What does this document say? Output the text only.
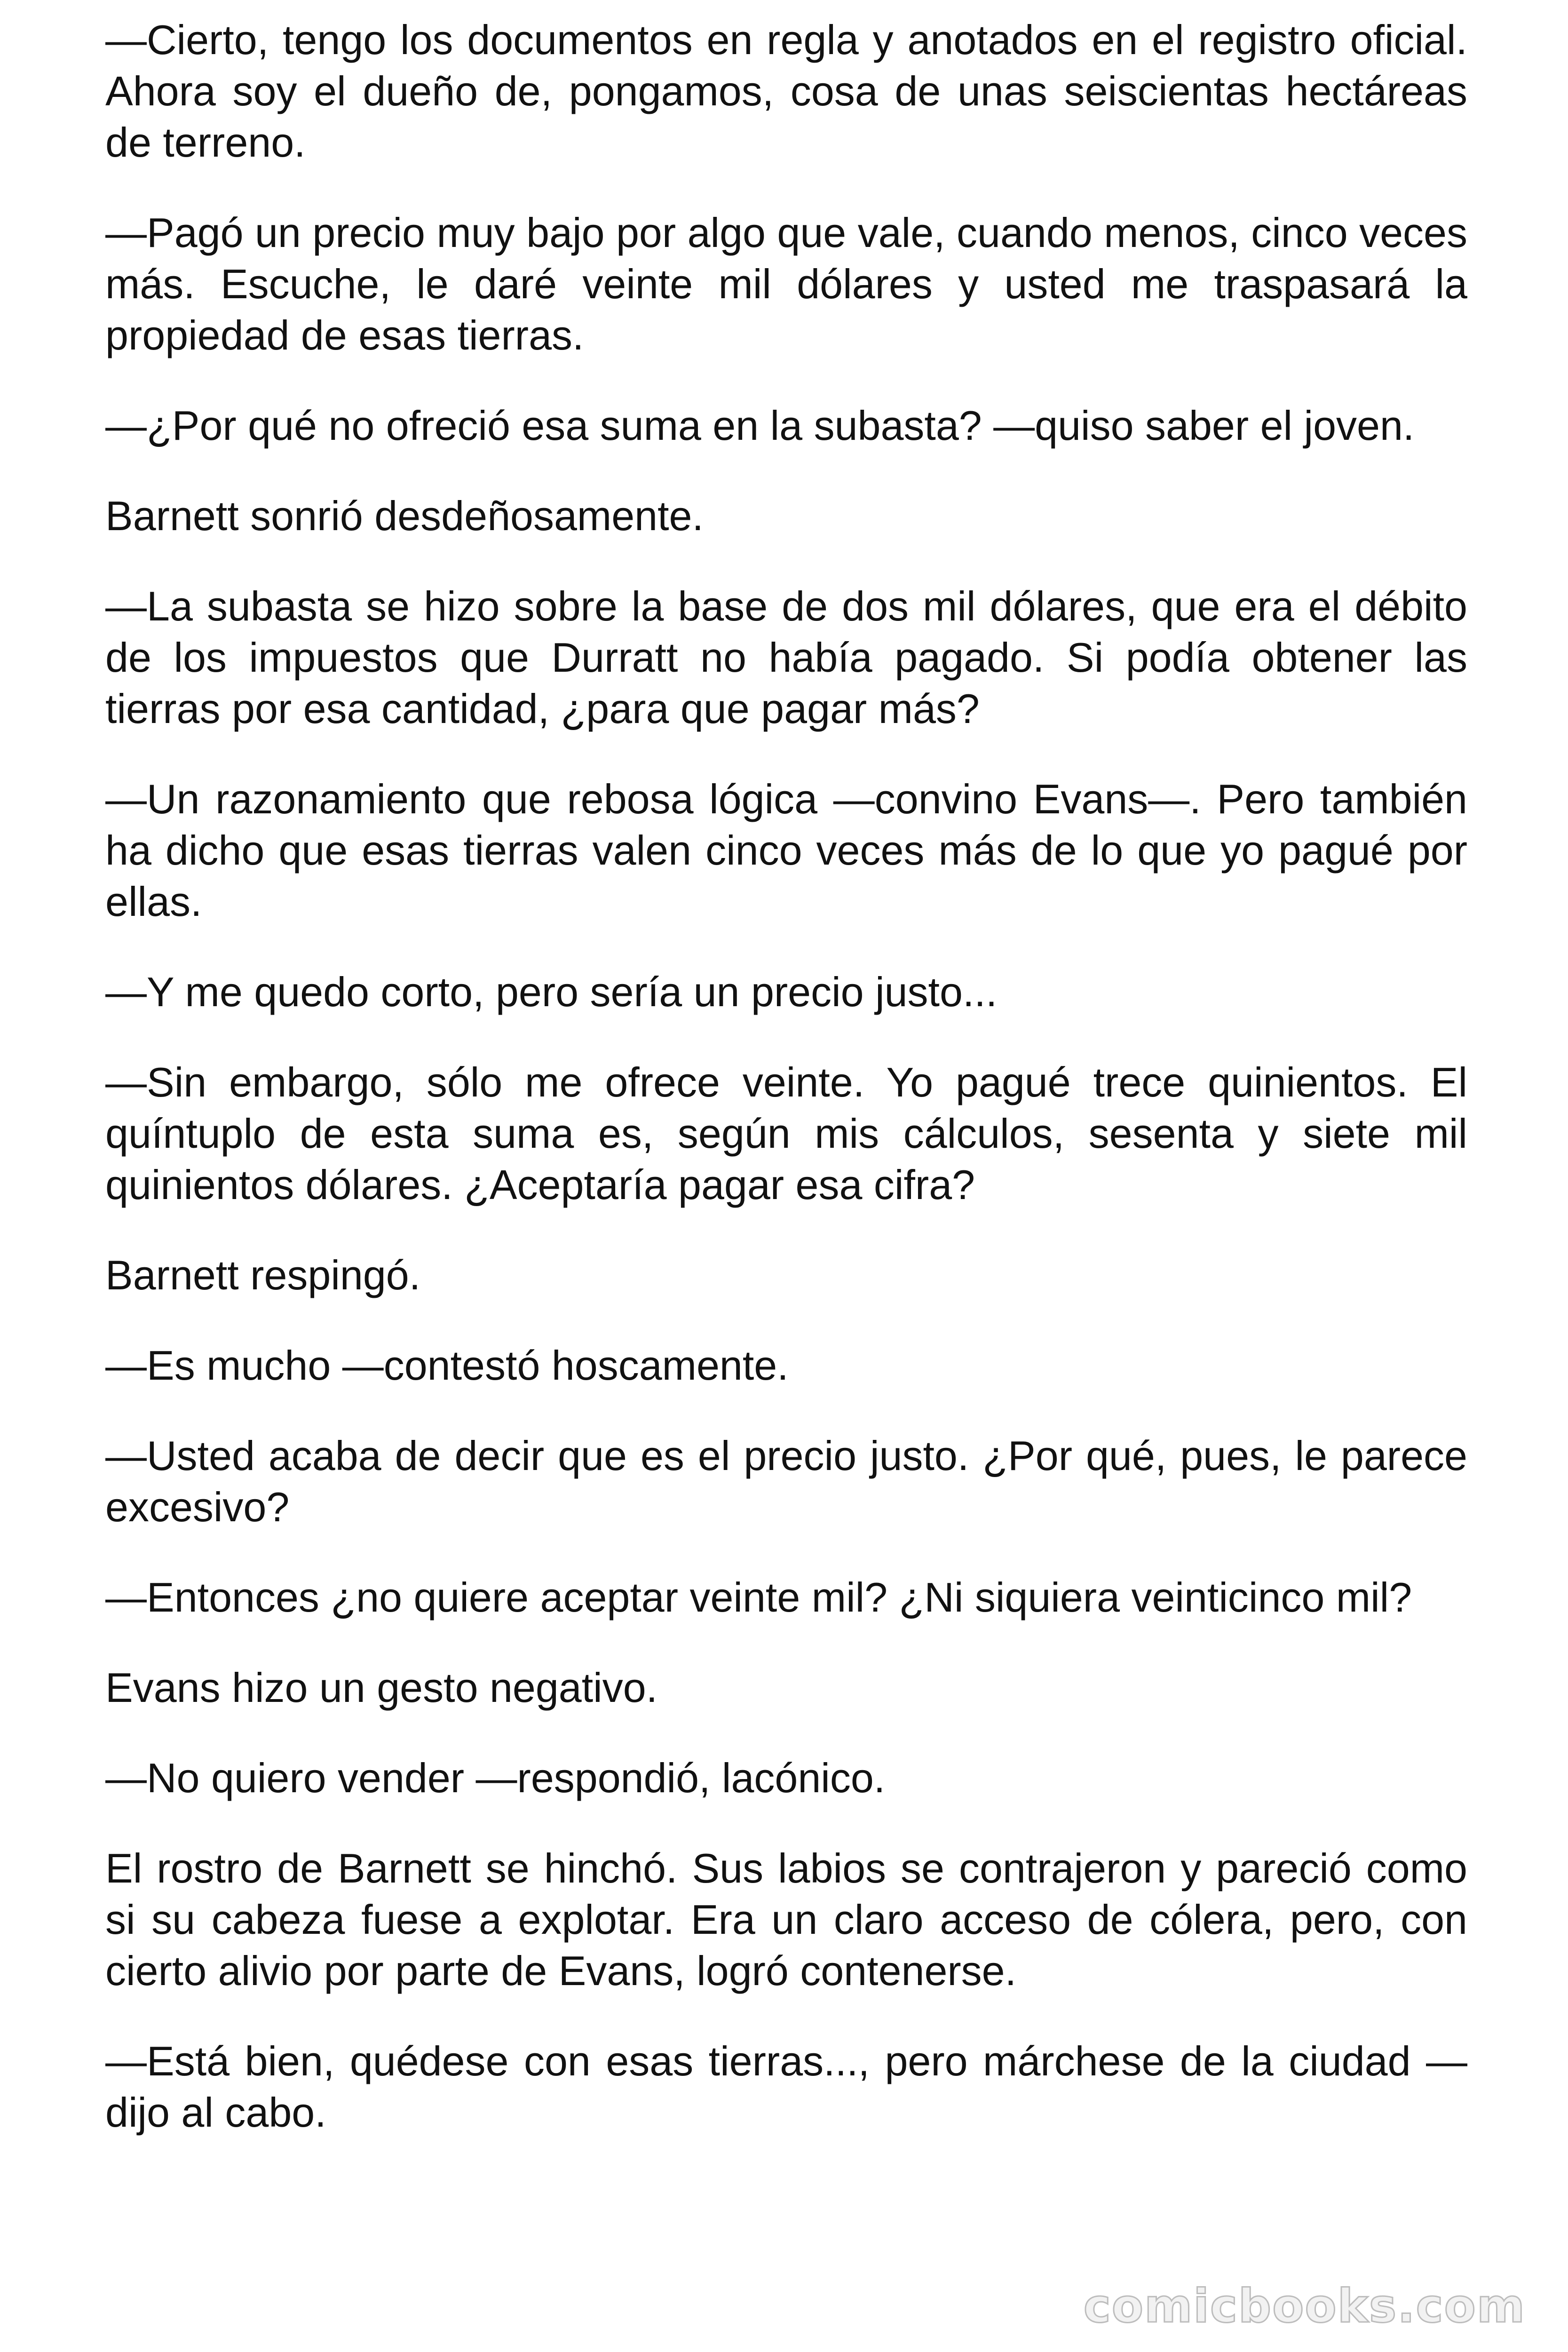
—Cierto, tengo los documentos en regla y anotados en el registro oficial. Ahora soy el dueño de, pongamos, cosa de unas seiscientas hectáreas de terreno.

—Pagó un precio muy bajo por algo que vale, cuando menos, cinco veces más. Escuche, le daré veinte mil dólares y usted me traspasará la propiedad de esas tierras.

—¿Por qué no ofreció esa suma en la subasta? —quiso saber el joven.

Barnett sonrió desdeñosamente.

—La subasta se hizo sobre la base de dos mil dólares, que era el débito de los impuestos que Durratt no había pagado. Si podía obtener las tierras por esa cantidad, ¿para que pagar más?

—Un razonamiento que rebosa lógica —convino Evans—. Pero también ha dicho que esas tierras valen cinco veces más de lo que yo pagué por ellas.

—Y me quedo corto, pero sería un precio justo...

—Sin embargo, sólo me ofrece veinte. Yo pagué trece quinientos. El quíntuplo de esta suma es, según mis cálculos, sesenta y siete mil quinientos dólares. ¿Aceptaría pagar esa cifra?

Barnett respingó.

—Es mucho —contestó hoscamente.

—Usted acaba de decir que es el precio justo. ¿Por qué, pues, le parece excesivo?

—Entonces ¿no quiere aceptar veinte mil? ¿Ni siquiera veinticinco mil?

Evans hizo un gesto negativo.

—No quiero vender —respondió, lacónico.

El rostro de Barnett se hinchó. Sus labios se contrajeron y pareció como si su cabeza fuese a explotar. Era un claro acceso de cólera, pero, con cierto alivio por parte de Evans, logró contenerse.

—Está bien, quédese con esas tierras..., pero márchese de la ciudad —dijo al cabo.

comicbooks.com
